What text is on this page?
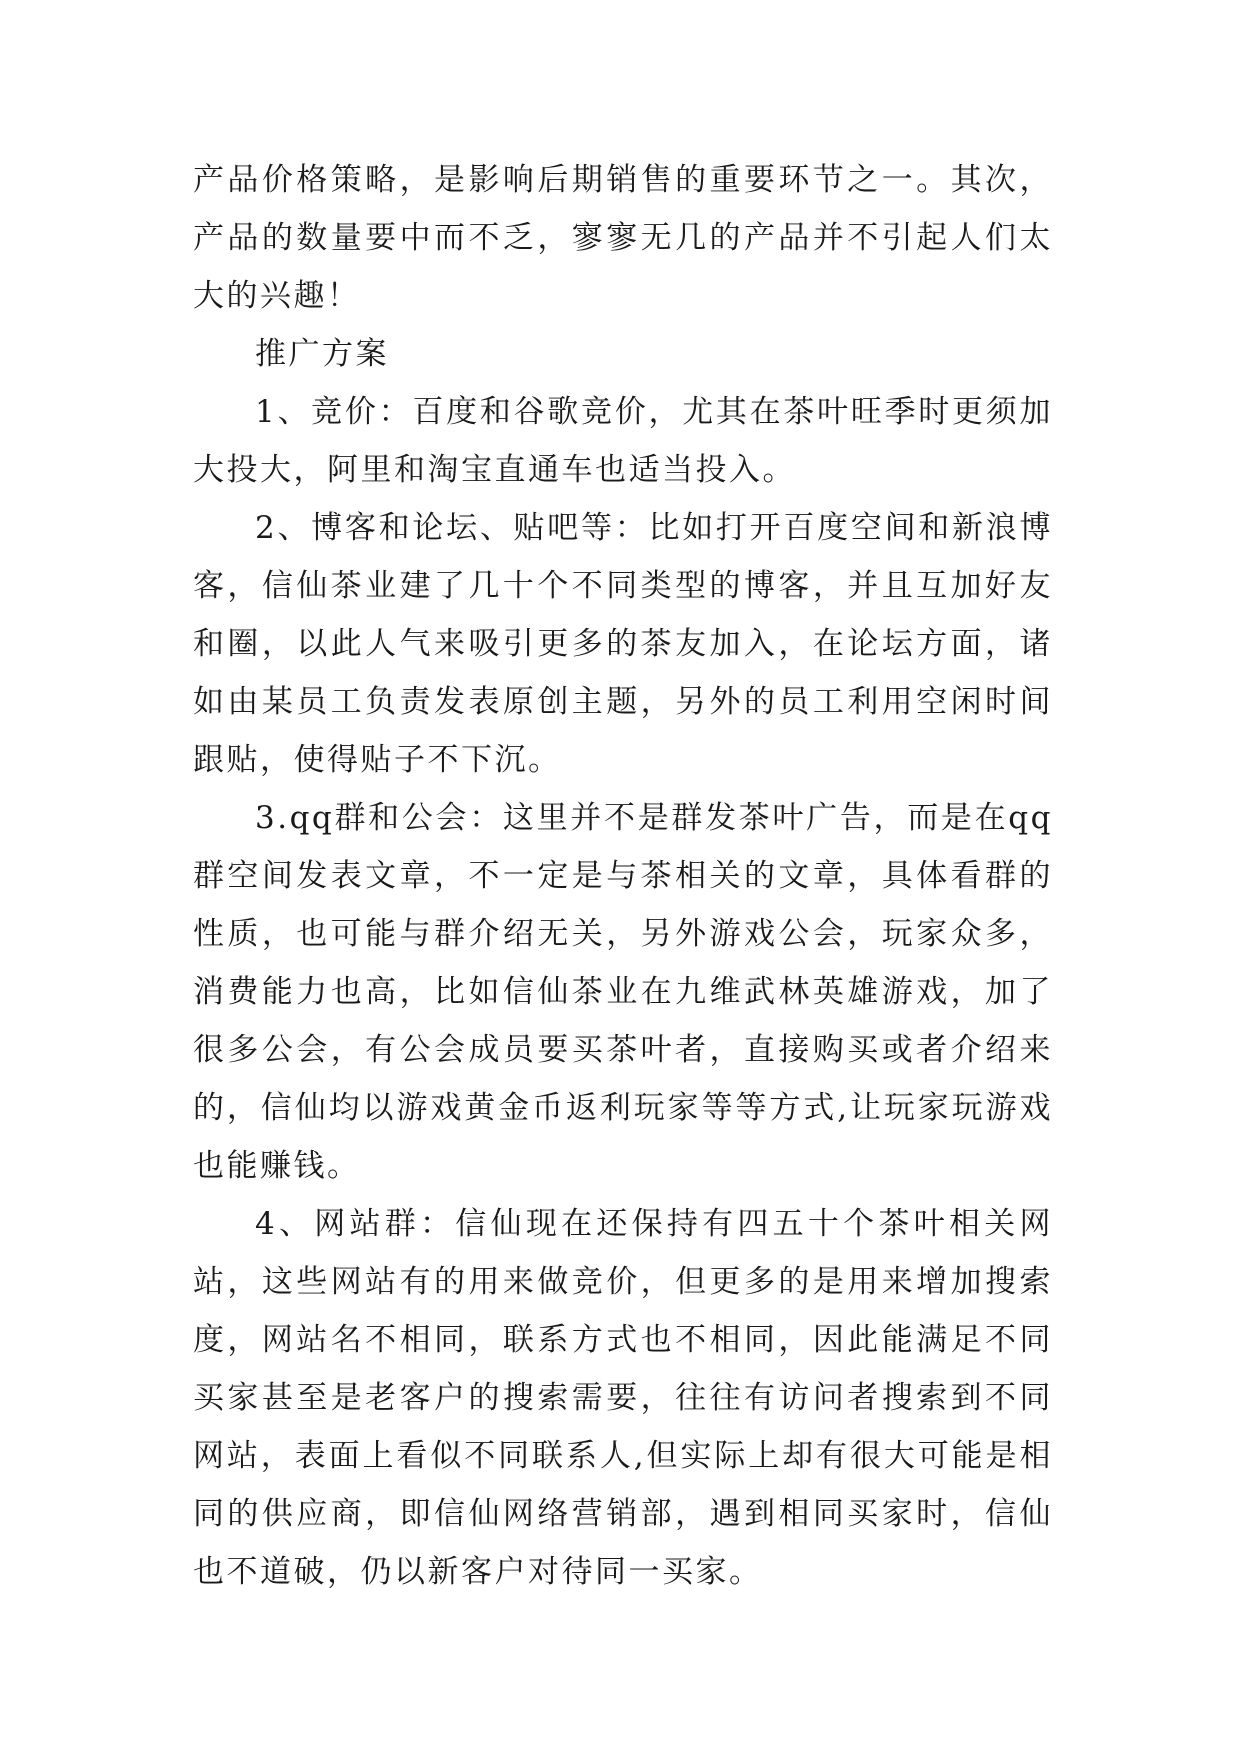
产品价格策略，是影响后期销售的重要环节之一。其次，产品的数量要中而不乏，寥寥无几的产品并不引起人们太大的兴趣！

推广方案

1、竞价：百度和谷歌竞价，尤其在茶叶旺季时更须加大投大，阿里和淘宝直通车也适当投入。

2、博客和论坛、贴吧等：比如打开百度空间和新浪博客，信仙茶业建了几十个不同类型的博客，并且互加好友和圈，以此人气来吸引更多的茶友加入，在论坛方面，诸如由某员工负责发表原创主题，另外的员工利用空闲时间跟贴，使得贴子不下沉。

3.qq群和公会：这里并不是群发茶叶广告，而是在qq群空间发表文章，不一定是与茶相关的文章，具体看群的性质，也可能与群介绍无关，另外游戏公会，玩家众多，消费能力也高，比如信仙茶业在九维武林英雄游戏，加了很多公会，有公会成员要买茶叶者，直接购买或者介绍来的，信仙均以游戏黄金币返利玩家等等方式,让玩家玩游戏也能赚钱。

4、网站群：信仙现在还保持有四五十个茶叶相关网站，这些网站有的用来做竞价，但更多的是用来增加搜索度，网站名不相同，联系方式也不相同，因此能满足不同买家甚至是老客户的搜索需要，往往有访问者搜索到不同网站，表面上看似不同联系人,但实际上却有很大可能是相同的供应商，即信仙网络营销部，遇到相同买家时，信仙也不道破，仍以新客户对待同一买家。
